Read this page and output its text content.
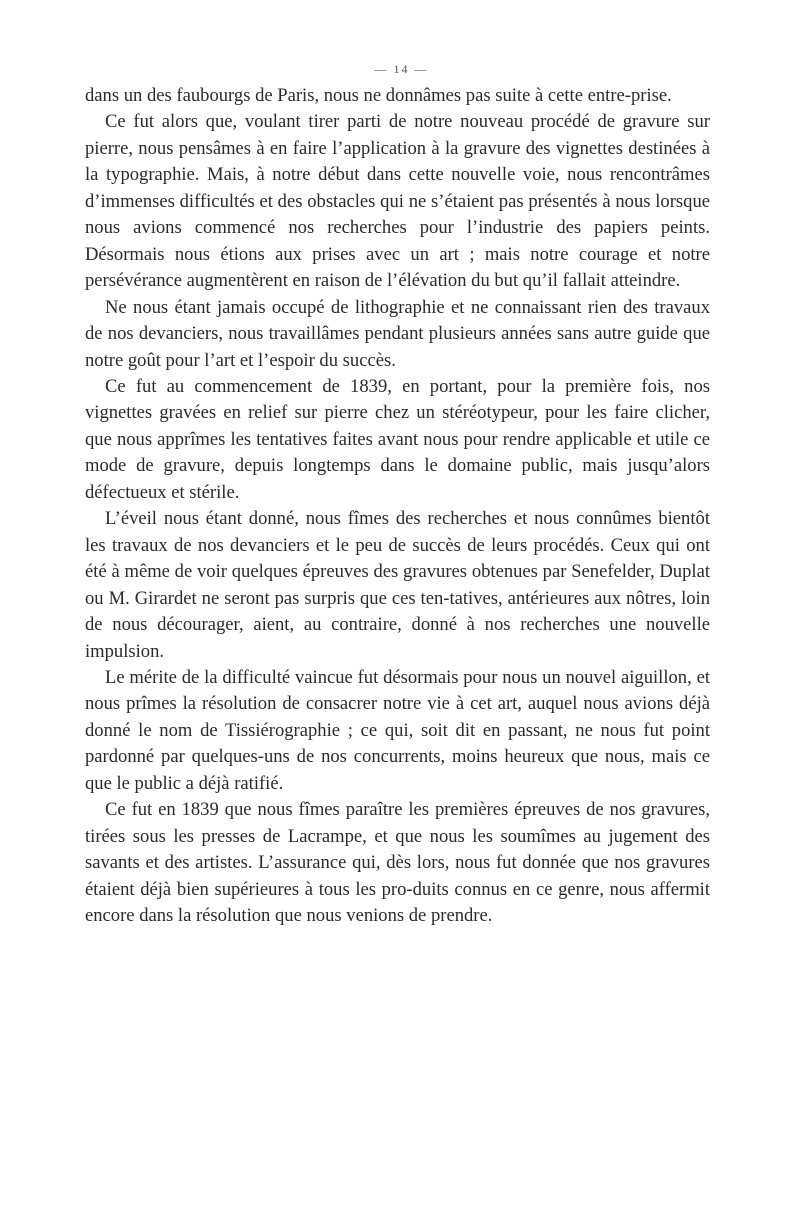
— 14 —

dans un des faubourgs de Paris, nous ne donnâmes pas suite à cette entre-prise.

Ce fut alors que, voulant tirer parti de notre nouveau procédé de gravure sur pierre, nous pensâmes à en faire l’application à la gravure des vignettes destinées à la typographie. Mais, à notre début dans cette nouvelle voie, nous rencontrâmes d’immenses difficultés et des obstacles qui ne s’étaient pas présentés à nous lorsque nous avions commencé nos recherches pour l’industrie des papiers peints. Désormais nous étions aux prises avec un art ; mais notre courage et notre persévérance augmentèrent en raison de l’élévation du but qu’il fallait atteindre.

Ne nous étant jamais occupé de lithographie et ne connaissant rien des travaux de nos devanciers, nous travaillâmes pendant plusieurs années sans autre guide que notre goût pour l’art et l’espoir du succès.

Ce fut au commencement de 1839, en portant, pour la première fois, nos vignettes gravées en relief sur pierre chez un stéréotypeur, pour les faire clicher, que nous apprîmes les tentatives faites avant nous pour rendre applicable et utile ce mode de gravure, depuis longtemps dans le domaine public, mais jusqu’alors défectueux et stérile.

L’éveil nous étant donné, nous fîmes des recherches et nous connûmes bientôt les travaux de nos devanciers et le peu de succès de leurs procédés. Ceux qui ont été à même de voir quelques épreuves des gravures obtenues par Senefelder, Duplat ou M. Girardet ne seront pas surpris que ces ten-tatives, antérieures aux nôtres, loin de nous décourager, aient, au contraire, donné à nos recherches une nouvelle impulsion.

Le mérite de la difficulté vaincue fut désormais pour nous un nouvel aiguillon, et nous prîmes la résolution de consacrer notre vie à cet art, auquel nous avions déjà donné le nom de Tissiérographie ; ce qui, soit dit en passant, ne nous fut point pardonné par quelques-uns de nos concurrents, moins heureux que nous, mais ce que le public a déjà ratifié.

Ce fut en 1839 que nous fîmes paraître les premières épreuves de nos gravures, tirées sous les presses de Lacrampe, et que nous les soumîmes au jugement des savants et des artistes. L’assurance qui, dès lors, nous fut donnée que nos gravures étaient déjà bien supérieures à tous les pro-duits connus en ce genre, nous affermit encore dans la résolution que nous venions de prendre.
